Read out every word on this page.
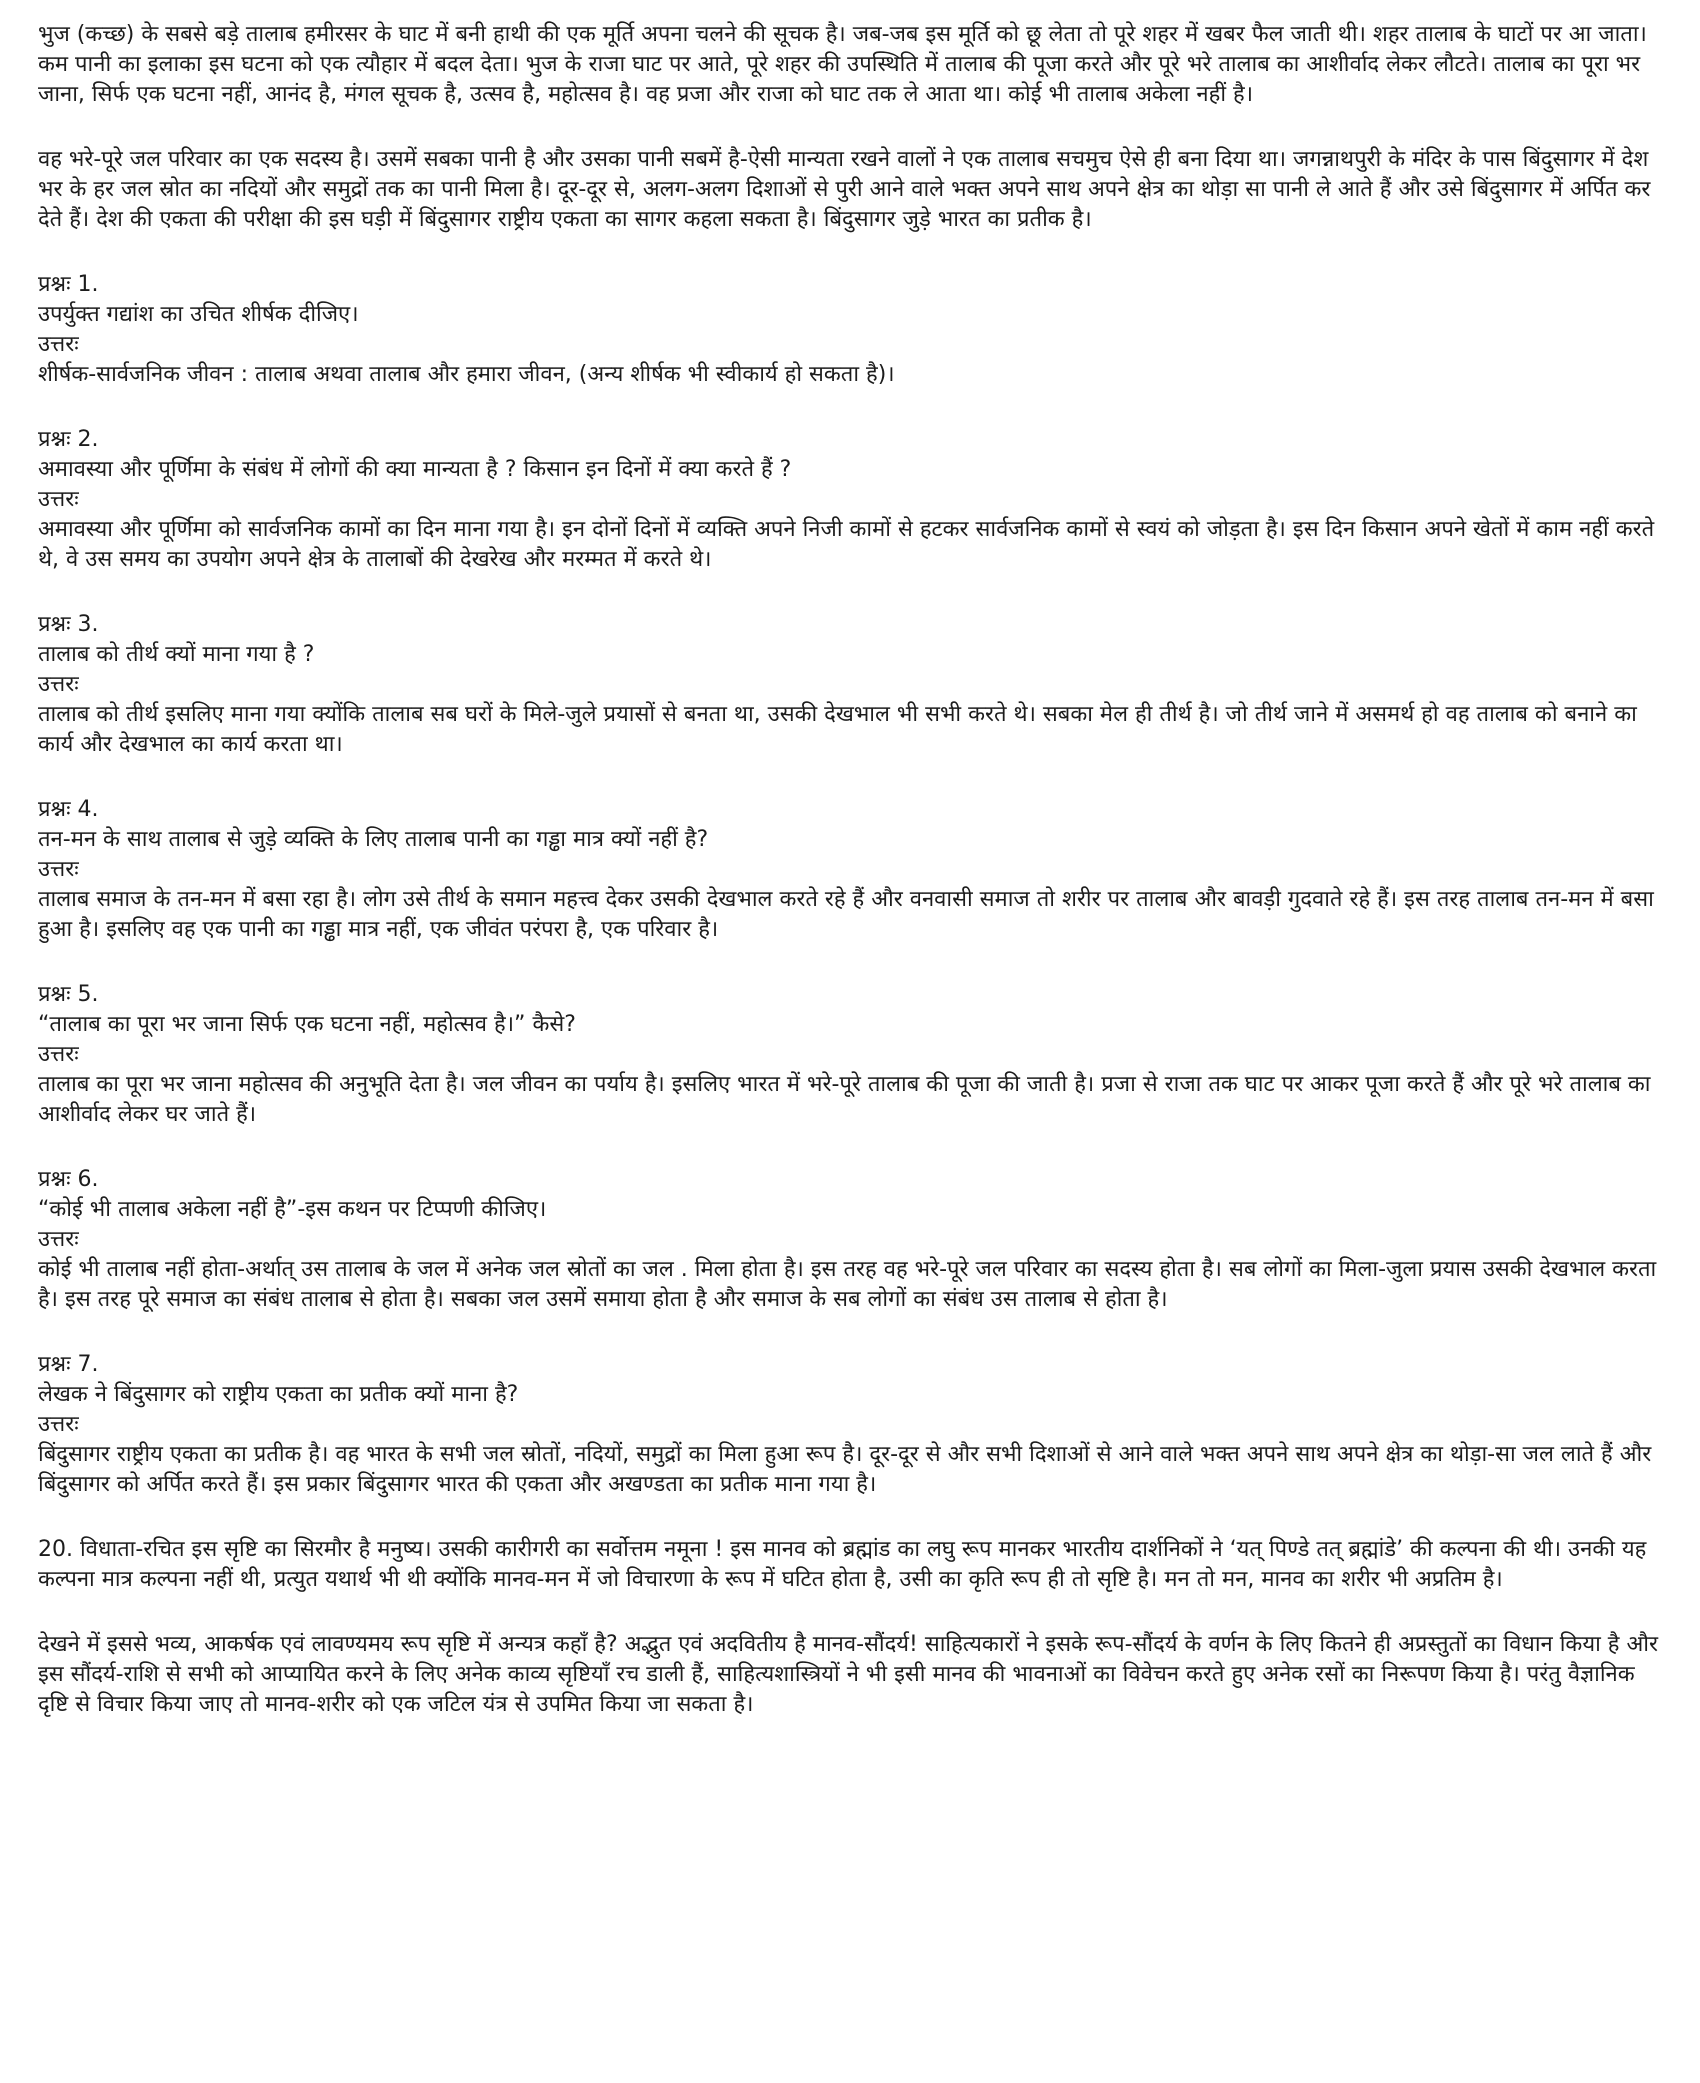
भुज (कच्छ) के सबसे बड़े तालाब हमीरसर के घाट में बनी हाथी की एक मूर्ति अपना चलने की सूचक है। जब-जब इस मूर्ति को छू लेता तो पूरे शहर में खबर फैल जाती थी। शहर तालाब के घाटों पर आ जाता। कम पानी का इलाका इस घटना को एक त्यौहार में बदल देता। भुज के राजा घाट पर आते, पूरे शहर की उपस्थिति में तालाब की पूजा करते और पूरे भरे तालाब का आशीर्वाद लेकर लौटते। तालाब का पूरा भर जाना, सिर्फ एक घटना नहीं, आनंद है, मंगल सूचक है, उत्सव है, महोत्सव है। वह प्रजा और राजा को घाट तक ले आता था। कोई भी तालाब अकेला नहीं है।

वह भरे-पूरे जल परिवार का एक सदस्य है। उसमें सबका पानी है और उसका पानी सबमें है-ऐसी मान्यता रखने वालों ने एक तालाब सचमुच ऐसे ही बना दिया था। जगन्नाथपुरी के मंदिर के पास बिंदुसागर में देश भर के हर जल स्रोत का नदियों और समुद्रों तक का पानी मिला है। दूर-दूर से, अलग-अलग दिशाओं से पुरी आने वाले भक्त अपने साथ अपने क्षेत्र का थोड़ा सा पानी ले आते हैं और उसे बिंदुसागर में अर्पित कर देते हैं। देश की एकता की परीक्षा की इस घड़ी में बिंदुसागर राष्ट्रीय एकता का सागर कहला सकता है। बिंदुसागर जुड़े भारत का प्रतीक है।

प्रश्नः 1.
उपर्युक्त गद्यांश का उचित शीर्षक दीजिए।
उत्तरः
शीर्षक-सार्वजनिक जीवन : तालाब अथवा तालाब और हमारा जीवन, (अन्य शीर्षक भी स्वीकार्य हो सकता है)।
प्रश्नः 2.
अमावस्या और पूर्णिमा के संबंध में लोगों की क्या मान्यता है ? किसान इन दिनों में क्या करते हैं ?
उत्तरः
अमावस्या और पूर्णिमा को सार्वजनिक कामों का दिन माना गया है। इन दोनों दिनों में व्यक्ति अपने निजी कामों से हटकर सार्वजनिक कामों से स्वयं को जोड़ता है। इस दिन किसान अपने खेतों में काम नहीं करते थे, वे उस समय का उपयोग अपने क्षेत्र के तालाबों की देखरेख और मरम्मत में करते थे।
प्रश्नः 3.
तालाब को तीर्थ क्यों माना गया है ?
उत्तरः
तालाब को तीर्थ इसलिए माना गया क्योंकि तालाब सब घरों के मिले-जुले प्रयासों से बनता था, उसकी देखभाल भी सभी करते थे। सबका मेल ही तीर्थ है। जो तीर्थ जाने में असमर्थ हो वह तालाब को बनाने का कार्य और देखभाल का कार्य करता था।
प्रश्नः 4.
तन-मन के साथ तालाब से जुड़े व्यक्ति के लिए तालाब पानी का गड्ढा मात्र क्यों नहीं है?
उत्तरः
तालाब समाज के तन-मन में बसा रहा है। लोग उसे तीर्थ के समान महत्त्व देकर उसकी देखभाल करते रहे हैं और वनवासी समाज तो शरीर पर तालाब और बावड़ी गुदवाते रहे हैं। इस तरह तालाब तन-मन में बसा हुआ है। इसलिए वह एक पानी का गड्ढा मात्र नहीं, एक जीवंत परंपरा है, एक परिवार है।
प्रश्नः 5.
“तालाब का पूरा भर जाना सिर्फ एक घटना नहीं, महोत्सव है।” कैसे?
उत्तरः
तालाब का पूरा भर जाना महोत्सव की अनुभूति देता है। जल जीवन का पर्याय है। इसलिए भारत में भरे-पूरे तालाब की पूजा की जाती है। प्रजा से राजा तक घाट पर आकर पूजा करते हैं और पूरे भरे तालाब का आशीर्वाद लेकर घर जाते हैं।
प्रश्नः 6.
“कोई भी तालाब अकेला नहीं है”-इस कथन पर टिप्पणी कीजिए।
उत्तरः
कोई भी तालाब नहीं होता-अर्थात् उस तालाब के जल में अनेक जल स्रोतों का जल . मिला होता है। इस तरह वह भरे-पूरे जल परिवार का सदस्य होता है। सब लोगों का मिला-जुला प्रयास उसकी देखभाल करता है। इस तरह पूरे समाज का संबंध तालाब से होता है। सबका जल उसमें समाया होता है और समाज के सब लोगों का संबंध उस तालाब से होता है।
प्रश्नः 7.
लेखक ने बिंदुसागर को राष्ट्रीय एकता का प्रतीक क्यों माना है?
उत्तरः
बिंदुसागर राष्ट्रीय एकता का प्रतीक है। वह भारत के सभी जल स्रोतों, नदियों, समुद्रों का मिला हुआ रूप है। दूर-दूर से और सभी दिशाओं से आने वाले भक्त अपने साथ अपने क्षेत्र का थोड़ा-सा जल लाते हैं और बिंदुसागर को अर्पित करते हैं। इस प्रकार बिंदुसागर भारत की एकता और अखण्डता का प्रतीक माना गया है।

20. विधाता-रचित इस सृष्टि का सिरमौर है मनुष्य। उसकी कारीगरी का सर्वोत्तम नमूना ! इस मानव को ब्रह्मांड का लघु रूप मानकर भारतीय दार्शनिकों ने ‘यत् पिण्डे तत् ब्रह्मांडे’ की कल्पना की थी। उनकी यह कल्पना मात्र कल्पना नहीं थी, प्रत्युत यथार्थ भी थी क्योंकि मानव-मन में जो विचारणा के रूप में घटित होता है, उसी का कृति रूप ही तो सृष्टि है। मन तो मन, मानव का शरीर भी अप्रतिम है।

देखने में इससे भव्य, आकर्षक एवं लावण्यमय रूप सृष्टि में अन्यत्र कहाँ है? अद्भुत एवं अदवितीय है मानव-सौंदर्य! साहित्यकारों ने इसके रूप-सौंदर्य के वर्णन के लिए कितने ही अप्रस्तुतों का विधान किया है और इस सौंदर्य-राशि से सभी को आप्यायित करने के लिए अनेक काव्य सृष्टियाँ रच डाली हैं, साहित्यशास्त्रियों ने भी इसी मानव की भावनाओं का विवेचन करते हुए अनेक रसों का निरूपण किया है। परंतु वैज्ञानिक दृष्टि से विचार किया जाए तो मानव-शरीर को एक जटिल यंत्र से उपमित किया जा सकता है।
